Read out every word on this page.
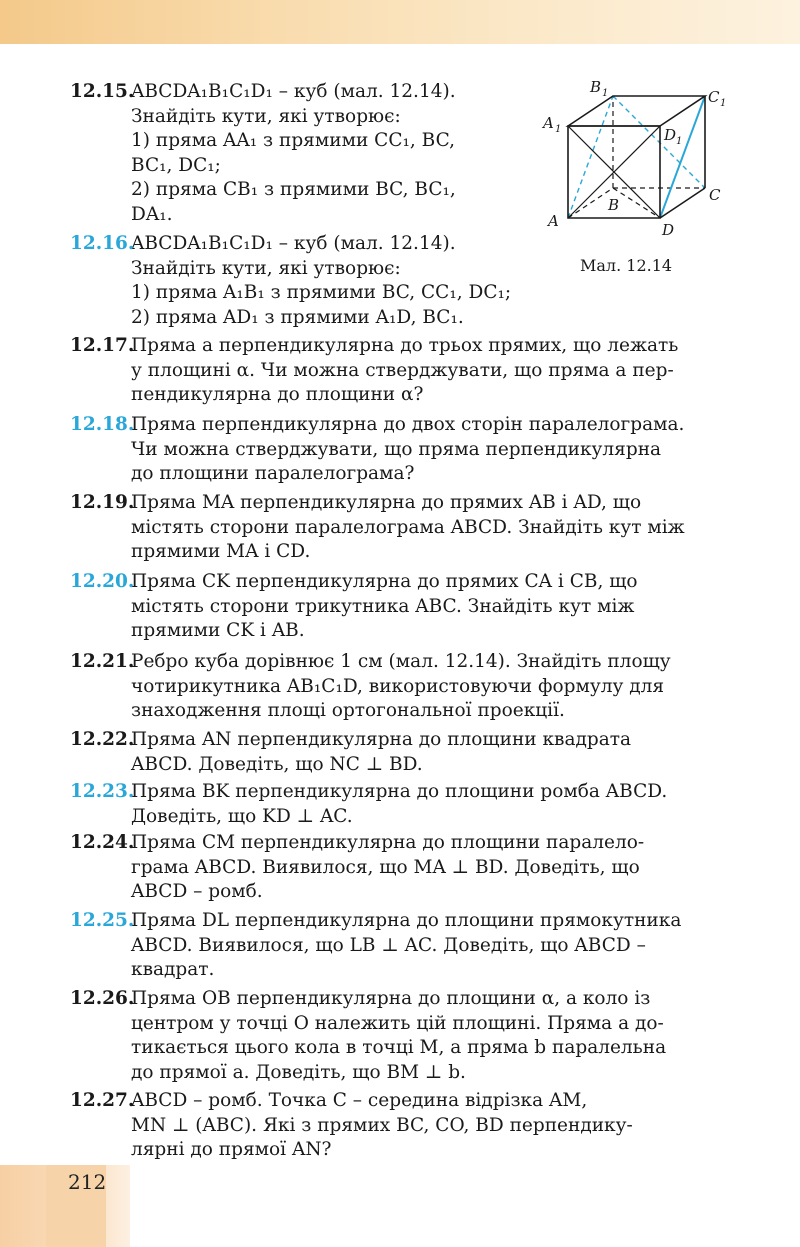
12.15.
ABCDA₁B₁C₁D₁ – куб (мал. 12.14).
Знайдіть кути, які утворює:
1) пряма AA₁ з прямими CC₁, BC,
BC₁, DC₁;
2) пряма CB₁ з прямими BC, BC₁,
DA₁.
12.16.
ABCDA₁B₁C₁D₁ – куб (мал. 12.14).
Знайдіть кути, які утворює:
1) пряма A₁B₁ з прямими BC, CC₁, DC₁;
2) пряма AD₁ з прямими A₁D, BC₁.
12.17.
Пряма a перпендикулярна до трьох прямих, що лежать
у площині α. Чи можна стверджувати, що пряма a пер-
пендикулярна до площини α?
12.18.
Пряма перпендикулярна до двох сторін паралелограма.
Чи можна стверджувати, що пряма перпендикулярна
до площини паралелограма?
12.19.
Пряма MA перпендикулярна до прямих AB і AD, що
містять сторони паралелограма ABCD. Знайдіть кут між
прямими MA і CD.
12.20.
Пряма CK перпендикулярна до прямих CA і CB, що
містять сторони трикутника ABC. Знайдіть кут між
прямими CK і AB.
12.21.
Ребро куба дорівнює 1 см (мал. 12.14). Знайдіть площу
чотирикутника AB₁C₁D, використовуючи формулу для
знаходження площі ортогональної проекції.
12.22.
Пряма AN перпендикулярна до площини квадрата
ABCD. Доведіть, що NC ⊥ BD.
12.23.
Пряма BK перпендикулярна до площини ромба ABCD.
Доведіть, що KD ⊥ AC.
12.24.
Пряма CM перпендикулярна до площини паралело-
грама ABCD. Виявилося, що MA ⊥ BD. Доведіть, що
ABCD – ромб.
12.25.
Пряма DL перпендикулярна до площини прямокутника
ABCD. Виявилося, що LB ⊥ AC. Доведіть, що ABCD –
квадрат.
12.26.
Пряма OB перпендикулярна до площини α, а коло із
центром у точці O належить цій площині. Пряма a до-
тикається цього кола в точці M, а пряма b паралельна
до прямої a. Доведіть, що BM ⊥ b.
12.27.
ABCD – ромб. Точка C – середина відрізка AM,
MN ⊥ (ABC). Які з прямих BC, CO, BD перпендику-
лярні до прямої AN?
A
B
C
D
A 1
B 1	C 1
D 1
Мал. 12.14
212
